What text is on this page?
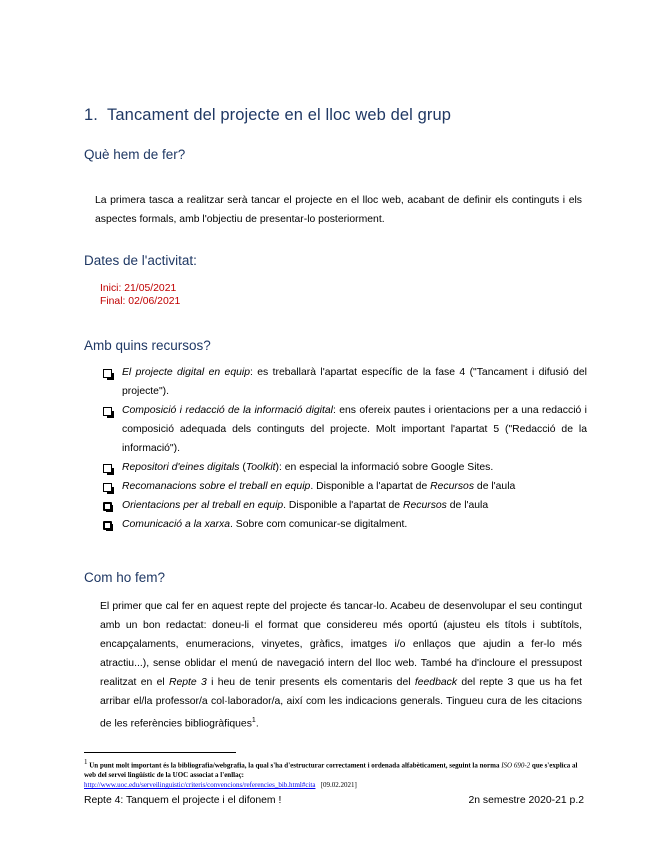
1. Tancament del projecte en el lloc web del grup
Què hem de fer?
La primera tasca a realitzar serà tancar el projecte en el lloc web, acabant de definir els continguts i els aspectes formals, amb l'objectiu de presentar-lo posteriorment.
Dates de l'activitat:
Inici: 21/05/2021
Final: 02/06/2021
Amb quins recursos?
El projecte digital en equip: es treballarà l'apartat específic de la fase 4 ("Tancament i difusió del projecte").
Composició i redacció de la informació digital: ens ofereix pautes i orientacions per a una redacció i composició adequada dels continguts del projecte. Molt important l'apartat 5 ("Redacció de la informació").
Repositori d'eines digitals (Toolkit): en especial la informació sobre Google Sites.
Recomanacions sobre el treball en equip. Disponible a l'apartat de Recursos de l'aula
Orientacions per al treball en equip. Disponible a l'apartat de Recursos de l'aula
Comunicació a la xarxa. Sobre com comunicar-se digitalment.
Com ho fem?
El primer que cal fer en aquest repte del projecte és tancar-lo. Acabeu de desenvolupar el seu contingut amb un bon redactat: doneu-li el format que considereu més oportú (ajusteu els títols i subtítols, encapçalaments, enumeracions, vinyetes, gràfics, imatges i/o enllaços que ajudin a fer-lo més atractiu...), sense oblidar el menú de navegació intern del lloc web. També ha d'incloure el pressupost realitzat en el Repte 3 i heu de tenir presents els comentaris del feedback del repte 3 que us ha fet arribar el/la professor/a col·laborador/a, així com les indicacions generals. Tingueu cura de les citacions de les referències bibliogràfiques$^1$.
$^1$ Un punt molt important és la bibliografia/webgrafia, la qual s'ha d'estructurar correctament i ordenada alfabèticament, seguint la norma ISO 690-2 que s'explica al web del servei lingüístic de la UOC associat a l'enllaç:
http://www.uoc.edu/serveilinguistic/criteris/convencions/referencies_bib.html#cita [09.02.2021]
Repte 4: Tanquem el projecte i el difonem !	2n semestre 2020-21 p.2
